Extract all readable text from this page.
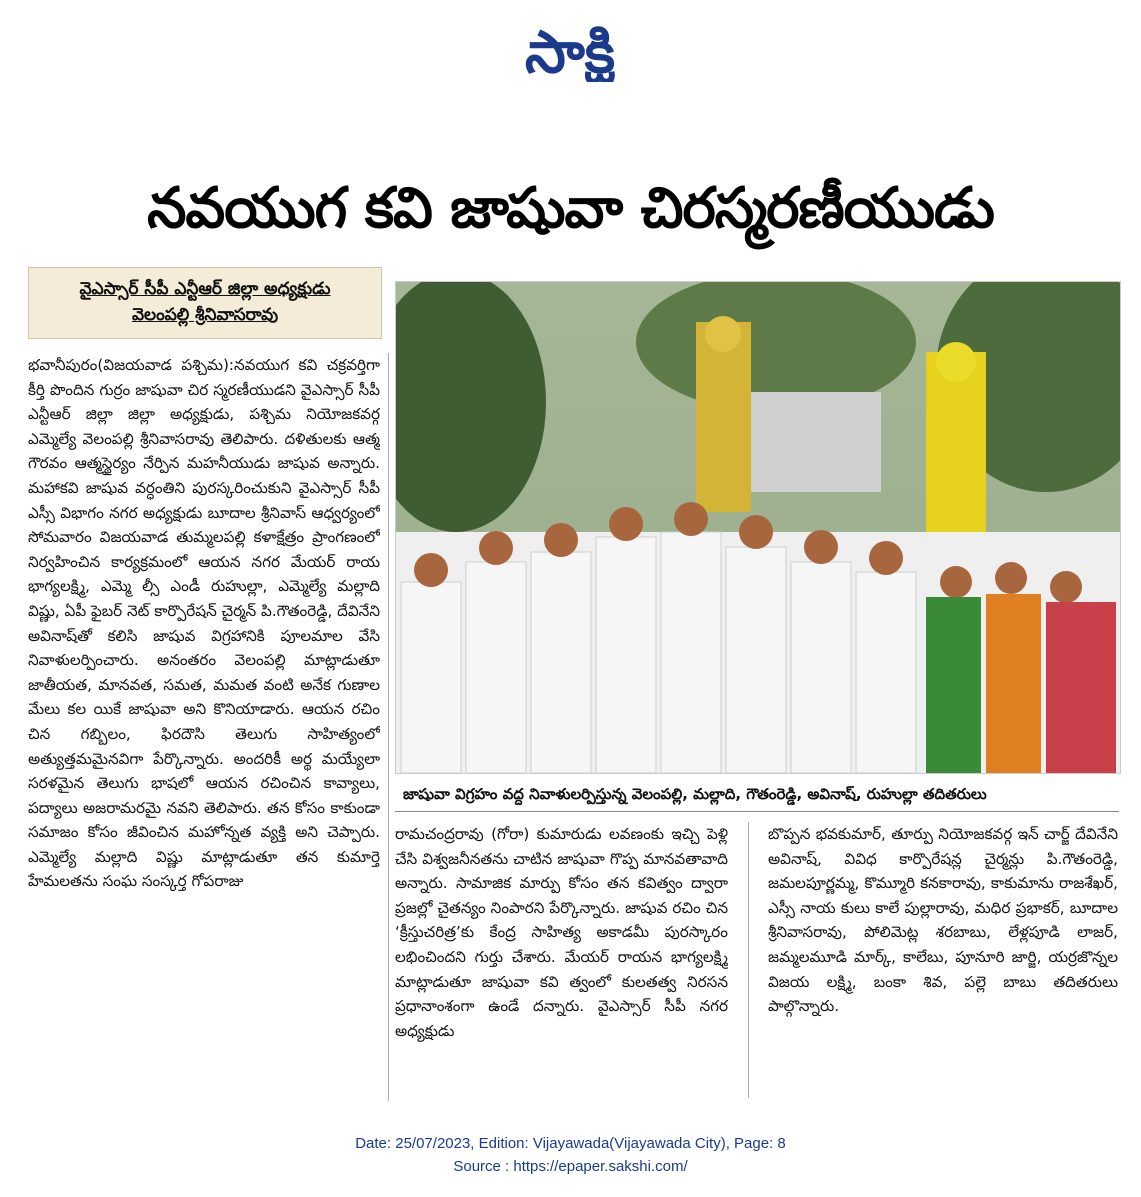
సాక్షి
నవయుగ కవి జాషువా చిరస్మరణీయుడు
వైఎస్సార్‌ సీపీ ఎన్టీఆర్‌ జిల్లా అధ్యక్షుడు
వెలంపల్లి శ్రీనివాసరావు
భవానీపురం(విజయవాడ పశ్చిమ):నవయుగ కవి చక్రవర్తిగా కీర్తి పొందిన గుర్రం జాషువా చిర స్మరణీయుడని వైఎస్సార్‌ సీపీ ఎన్టీఆర్‌ జిల్లా జిల్లా అధ్యక్షుడు, పశ్చిమ నియోజకవర్గ ఎమ్మెల్యే వెలంపల్లి శ్రీనివాసరావు తెలిపారు. దళితులకు ఆత్మ గౌరవం ఆత్మస్థైర్యం నేర్పిన మహనీయుడు జాషువ అన్నారు. మహాకవి జాషువ వర్ధంతిని పురస్కరించుకుని వైఎస్సార్‌ సీపీ ఎస్సీ విభాగం నగర అధ్యక్షుడు బూదాల శ్రీనివాస్‌ ఆధ్వర్యంలో సోమవారం విజయవాడ తుమ్మలపల్లి కళాక్షేత్రం ప్రాంగణంలో నిర్వహించిన కార్యక్రమంలో ఆయన నగర మేయర్‌ రాయ భాగ్యలక్ష్మి, ఎమ్మె ల్సీ ఎండీ రుహుల్లా, ఎమ్మెల్యే మల్లాది విష్ణు, ఏపీ ఫైబర్‌ నెట్‌ కార్పొరేషన్‌ చైర్మన్‌ పి.గౌతంరెడ్డి, దేవినేని అవినాష్‌తో కలిసి జాషువ విగ్రహానికి పూలమాల వేసి నివాళులర్పించారు. అనంతరం వెలంపల్లి మాట్లాడుతూ జాతీయత, మానవత, సమత, మమత వంటి అనేక గుణాల మేలు కల యికే జాషువా అని కొనియాడారు. ఆయన రచిం చిన గబ్బిలం, ఫిరదౌసి తెలుగు సాహిత్యంలో అత్యుత్తమమైనవిగా పేర్కొన్నారు. అందరికీ అర్థ మయ్యేలా సరళమైన తెలుగు భాషలో ఆయన రచించిన కావ్యాలు, పద్యాలు అజరామరమై నవని తెలిపారు. తన కోసం కాకుండా సమాజం కోసం జీవించిన మహోన్నత వ్యక్తి అని చెప్పారు. ఎమ్మెల్యే మల్లాది విష్ణు మాట్లాడుతూ తన కుమార్తె హేమలతను సంఘ సంస్కర్త గోపరాజు
జాషువా విగ్రహం వద్ద నివాళులర్పిస్తున్న వెలంపల్లి, మల్లాది, గౌతంరెడ్డి, అవినాష్‌, రుహుల్లా తదితరులు
రామచంద్రరావు (గోరా) కుమారుడు లవణంకు ఇచ్చి పెళ్లి చేసి విశ్వజనీనతను చాటిన జాషువా గొప్ప మానవతావాది అన్నారు. సామాజిక మార్పు కోసం తన కవిత్వం ద్వారా ప్రజల్లో చైతన్యం నింపారని పేర్కొన్నారు. జాషువ రచిం చిన ‘క్రీస్తుచరిత్ర’కు కేంద్ర సాహిత్య అకాడమీ పురస్కారం లభించిందని గుర్తు చేశారు. మేయర్‌ రాయన భాగ్యలక్ష్మి మాట్లాడుతూ జాషువా కవి త్వంలో కులతత్వ నిరసన ప్రధానాంశంగా ఉండే దన్నారు. వైఎస్సార్‌ సీపీ నగర అధ్యక్షుడు
బొప్పన భవకుమార్‌, తూర్పు నియోజకవర్గ ఇన్‌ చార్జ్‌ దేవినేని అవినాష్‌, వివిధ కార్పొరేషన్ల చైర్మన్లు పి.గౌతంరెడ్డి, జమలపూర్ణమ్మ, కొమ్మూరి కనకారావు, కాకుమాను రాజశేఖర్‌, ఎస్సీ నాయ కులు కాలే పుల్లారావు, మధిర ప్రభాకర్‌, బూదాల శ్రీనివాసరావు, పోలిమెట్ల శరబాబు, లేళ్లపూడి లాజర్‌, జమ్మలమూడి మార్క్‌, కాలేబు, పూనూరి జార్జి, యర్రజొన్నల విజయ లక్ష్మి, బంకా శివ, పల్లె బాబు తదితరులు పాల్గొన్నారు.
Date: 25/07/2023, Edition: Vijayawada(Vijayawada City), Page: 8
Source : https://epaper.sakshi.com/
